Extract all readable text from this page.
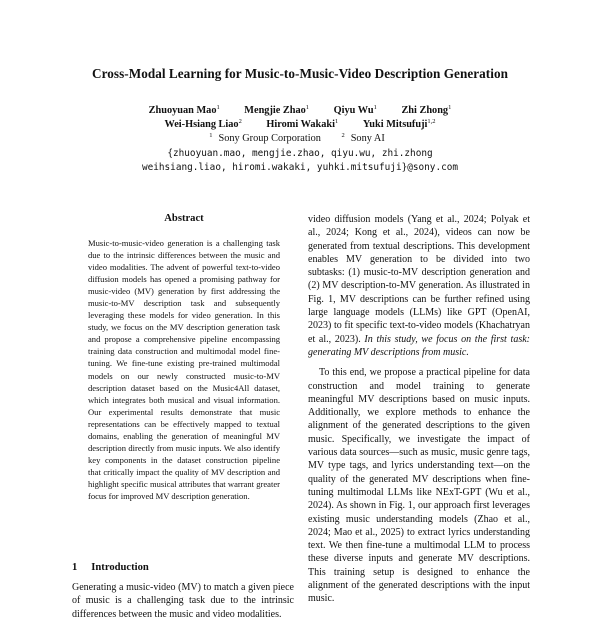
Cross-Modal Learning for Music-to-Music-Video Description Generation
Zhuoyuan Mao$^1$ Mengjie Zhao$^1$ Qiyu Wu$^1$ Zhi Zhong$^1$
Wei-Hsiang Liao$^2$ Hiromi Wakaki$^1$ Yuki Mitsufuji$^{1,2}$
$^1$ Sony Group Corporation	$^2$ Sony AI
{zhuoyuan.mao, mengjie.zhao, qiyu.wu, zhi.zhong
weihsiang.liao, hiromi.wakaki, yuhki.mitsufuji}@sony.com
Abstract
Music-to-music-video generation is a challenging task due to the intrinsic differences between the music and video modalities. The advent of powerful text-to-video diffusion models has opened a promising pathway for music-video (MV) generation by first addressing the music-to-MV description task and subsequently leveraging these models for video generation. In this study, we focus on the MV description generation task and propose a comprehensive pipeline encompassing training data construction and multimodal model fine-tuning. We fine-tune existing pre-trained multimodal models on our newly constructed music-to-MV description dataset based on the Music4All dataset, which integrates both musical and visual information. Our experimental results demonstrate that music representations can be effectively mapped to textual domains, enabling the generation of meaningful MV description directly from music inputs. We also identify key components in the dataset construction pipeline that critically impact the quality of MV description and highlight specific musical attributes that warrant greater focus for improved MV description generation.
1 Introduction
Generating a music-video (MV) to match a given piece of music is a challenging task due to the intrinsic differences between the music and video modalities.

video diffusion models (Yang et al., 2024; Polyak et al., 2024; Kong et al., 2024), videos can now be generated from textual descriptions. This development enables MV generation to be divided into two subtasks: (1) music-to-MV description generation and (2) MV description-to-MV generation. As illustrated in Fig. 1, MV descriptions can be further refined using large language models (LLMs) like GPT (OpenAI, 2023) to fit specific text-to-video models (Khachatryan et al., 2023). In this study, we focus on the first task: generating MV descriptions from music.

To this end, we propose a practical pipeline for data construction and model training to generate meaningful MV descriptions based on music inputs. Additionally, we explore methods to enhance the alignment of the generated descriptions to the given music. Specifically, we investigate the impact of various data sources—such as music, music genre tags, MV type tags, and lyrics understanding text—on the quality of the generated MV descriptions when fine-tuning multimodal LLMs like NExT-GPT (Wu et al., 2024). As shown in Fig. 1, our approach first leverages existing music understanding models (Zhao et al., 2024; Mao et al., 2025) to extract lyrics understanding text. We then fine-tune a multimodal LLM to process these diverse inputs and generate MV descriptions. This training setup is designed to enhance the alignment of the generated descriptions with the input music.
